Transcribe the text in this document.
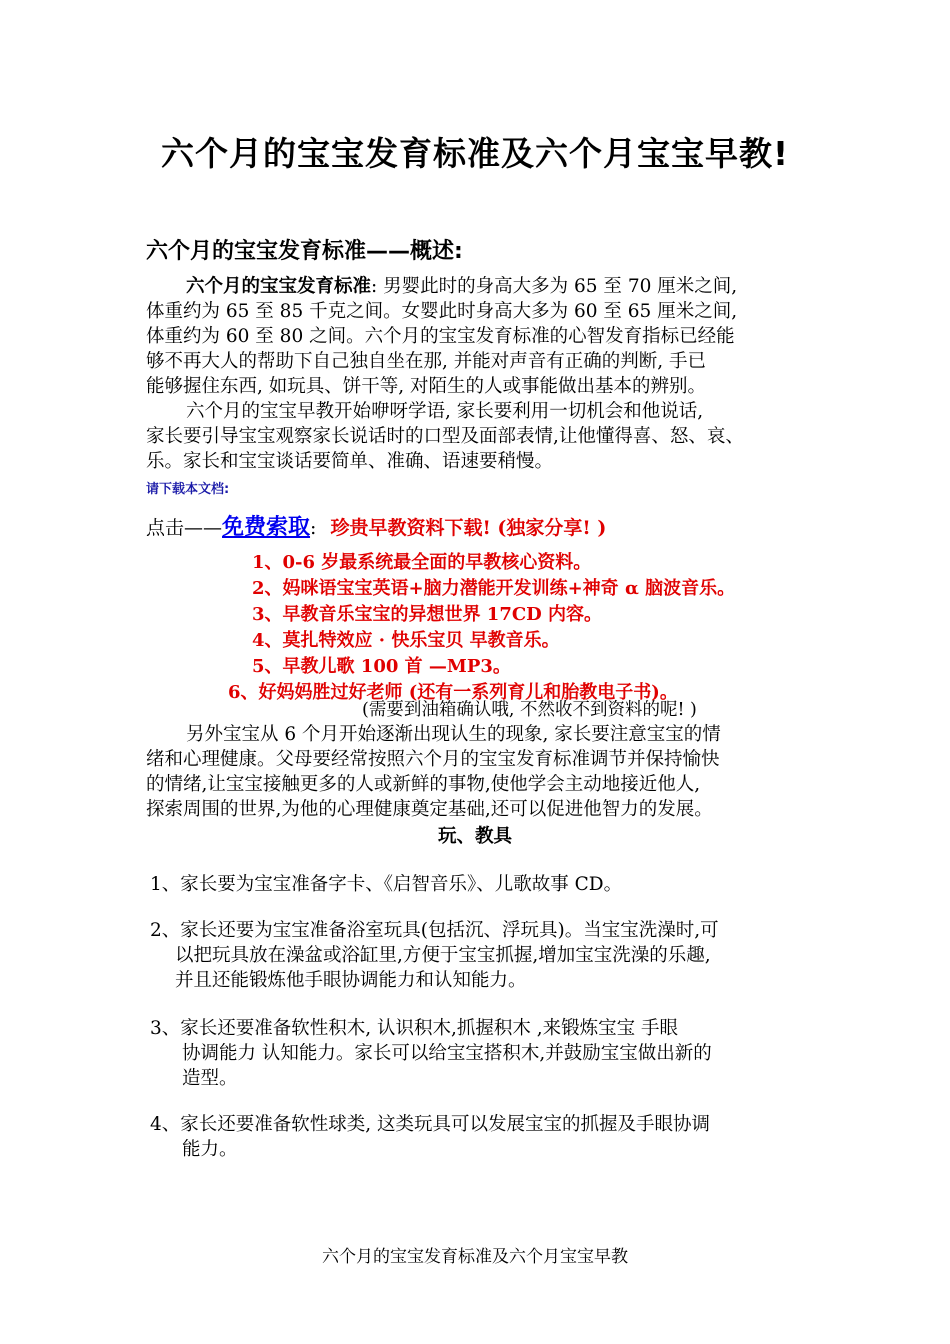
六个月的宝宝发育标准及六个月宝宝早教!
六个月的宝宝发育标准——概述:
六个月的宝宝发育标准: 男婴此时的身高大多为 65 至 70 厘米之间,
体重约为 65 至 85 千克之间。女婴此时身高大多为 60 至 65 厘米之间,
体重约为 60 至 80 之间。六个月的宝宝发育标准的心智发育指标已经能
够不再大人的帮助下自己独自坐在那, 并能对声音有正确的判断, 手已
能够握住东西, 如玩具、饼干等, 对陌生的人或事能做出基本的辨别。
六个月的宝宝早教开始咿呀学语, 家长要利用一切机会和他说话,
家长要引导宝宝观察家长说话时的口型及面部表情,让他懂得喜、怒、哀、
乐。家长和宝宝谈话要简单、准确、语速要稍慢。
请下载本文档:
点击——免费索取: 珍贵早教资料下载! (独家分享! )
1、0-6 岁最系统最全面的早教核心资料。
2、妈咪语宝宝英语+脑力潜能开发训练+神奇 α 脑波音乐。
3、早教音乐宝宝的异想世界 17CD 内容。
4、莫扎特效应 · 快乐宝贝 早教音乐。
5、早教儿歌 100 首 —MP3。
6、好妈妈胜过好老师 (还有一系列育儿和胎教电子书)。
(需要到油箱确认哦, 不然收不到资料的呢! )
另外宝宝从 6 个月开始逐渐出现认生的现象, 家长要注意宝宝的情
绪和心理健康。父母要经常按照六个月的宝宝发育标准调节并保持愉快
的情绪,让宝宝接触更多的人或新鲜的事物,使他学会主动地接近他人,
探索周围的世界,为他的心理健康奠定基础,还可以促进他智力的发展。
玩、教具
1、家长要为宝宝准备字卡、《启智音乐》、儿歌故事 CD。
2、家长还要为宝宝准备浴室玩具(包括沉、浮玩具)。当宝宝洗澡时,可
以把玩具放在澡盆或浴缸里,方便于宝宝抓握,增加宝宝洗澡的乐趣,
并且还能锻炼他手眼协调能力和认知能力。
3、家长还要准备软性积木, 认识积木,抓握积木 ,来锻炼宝宝 手眼
协调能力 认知能力。家长可以给宝宝搭积木,并鼓励宝宝做出新的
造型。
4、家长还要准备软性球类, 这类玩具可以发展宝宝的抓握及手眼协调
能力。
六个月的宝宝发育标准及六个月宝宝早教
